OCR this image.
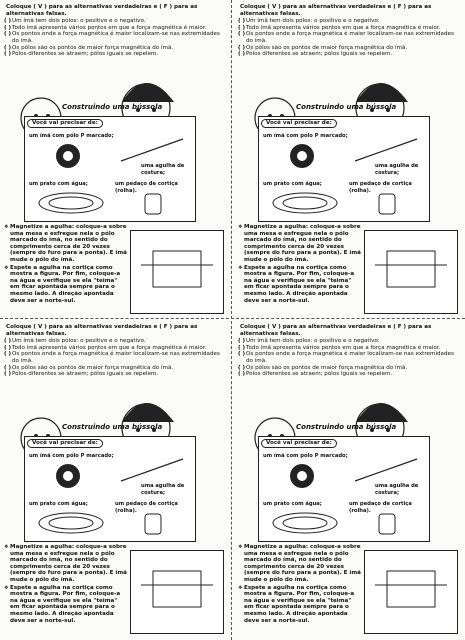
Coloque ( V ) para as alternativas verdadeiras e ( F ) para as alternativas falsas.

( ) Um ímã tem dois pólos: o positivo e o negativo.
( ) Todo ímã apresenta vários pontos em que a força magnética é maior.
( ) Os pontos onde a força magnética é maior localizam-se nas extremidades do ímã.
( ) Os pólos são os pontos de maior força magnética do ímã.
( ) Pólos diferentes se atraem; pólos iguais se repelem.
Construindo uma bússola
Você vai precisar de:
um ímã com pólo P marcado;
uma agulha de costura;
um prato com água;	um pedaço de cortiça (rolha).
❖ Magnetize a agulha: coloque-a sobre uma mesa e esfregue nela o pólo marcado do ímã, no sentido do comprimento cerca de 20 vezes (sempre do furo para a ponta). E ímã mude o pólo do ímã.
❖ Espete a agulha na cortiça como mostra a figura. Por fim, coloque-a na água e verifique se ela "teima" em ficar apontada sempre para o mesmo lado. A direção apontada deve ser a norte-sul.

Coloque ( V ) para as alternativas verdadeiras e ( F ) para as alternativas falsas.

( ) Um ímã tem dois pólos: o positivo e o negativo.
( ) Todo ímã apresenta vários pontos em que a força magnética é maior.
( ) Os pontos onde a força magnética é maior localizam-se nas extremidades do ímã.
( ) Os pólos são os pontos de maior força magnética do ímã.
( ) Pólos diferentes se atraem; pólos iguais se repelem.
Construindo uma bússola
Você vai precisar de:
um ímã com pólo P marcado;
uma agulha de costura;
um prato com água;	um pedaço de cortiça (rolha).
❖ Magnetize a agulha: coloque-a sobre uma mesa e esfregue nela o pólo marcado do ímã, no sentido do comprimento cerca de 20 vezes (sempre do furo para a ponta). E ímã mude o pólo do ímã.
❖ Espete a agulha na cortiça como mostra a figura. Por fim, coloque-a na água e verifique se ela "teima" em ficar apontada sempre para o mesmo lado. A direção apontada deve ser a norte-sul.

Coloque ( V ) para as alternativas verdadeiras e ( F ) para as alternativas falsas.

( ) Um ímã tem dois pólos: o positivo e o negativo.
( ) Todo ímã apresenta vários pontos em que a força magnética é maior.
( ) Os pontos onde a força magnética é maior localizam-se nas extremidades do ímã.
( ) Os pólos são os pontos de maior força magnética do ímã.
( ) Pólos diferentes se atraem; pólos iguais se repelem.
Construindo uma bússola
Você vai precisar de:
um ímã com pólo P marcado;
uma agulha de costura;
um prato com água;	um pedaço de cortiça (rolha).
❖ Magnetize a agulha: coloque-a sobre uma mesa e esfregue nela o pólo marcado do ímã, no sentido do comprimento cerca de 20 vezes (sempre do furo para a ponta). E ímã mude o pólo do ímã.
❖ Espete a agulha na cortiça como mostra a figura. Por fim, coloque-a na água e verifique se ela "teima" em ficar apontada sempre para o mesmo lado. A direção apontada deve ser a norte-sul.

Coloque ( V ) para as alternativas verdadeiras e ( F ) para as alternativas falsas.

( ) Um ímã tem dois pólos: o positivo e o negativo.
( ) Todo ímã apresenta vários pontos em que a força magnética é maior.
( ) Os pontos onde a força magnética é maior localizam-se nas extremidades do ímã.
( ) Os pólos são os pontos de maior força magnética do ímã.
( ) Pólos diferentes se atraem; pólos iguais se repelem.
Construindo uma bússola
Você vai precisar de:
um ímã com pólo P marcado;
uma agulha de costura;
um prato com água;	um pedaço de cortiça (rolha).
❖ Magnetize a agulha: coloque-a sobre uma mesa e esfregue nela o pólo marcado do ímã, no sentido do comprimento cerca de 20 vezes (sempre do furo para a ponta). E ímã mude o pólo do ímã.
❖ Espete a agulha na cortiça como mostra a figura. Por fim, coloque-a na água e verifique se ela "teima" em ficar apontada sempre para o mesmo lado. A direção apontada deve ser a norte-sul.
